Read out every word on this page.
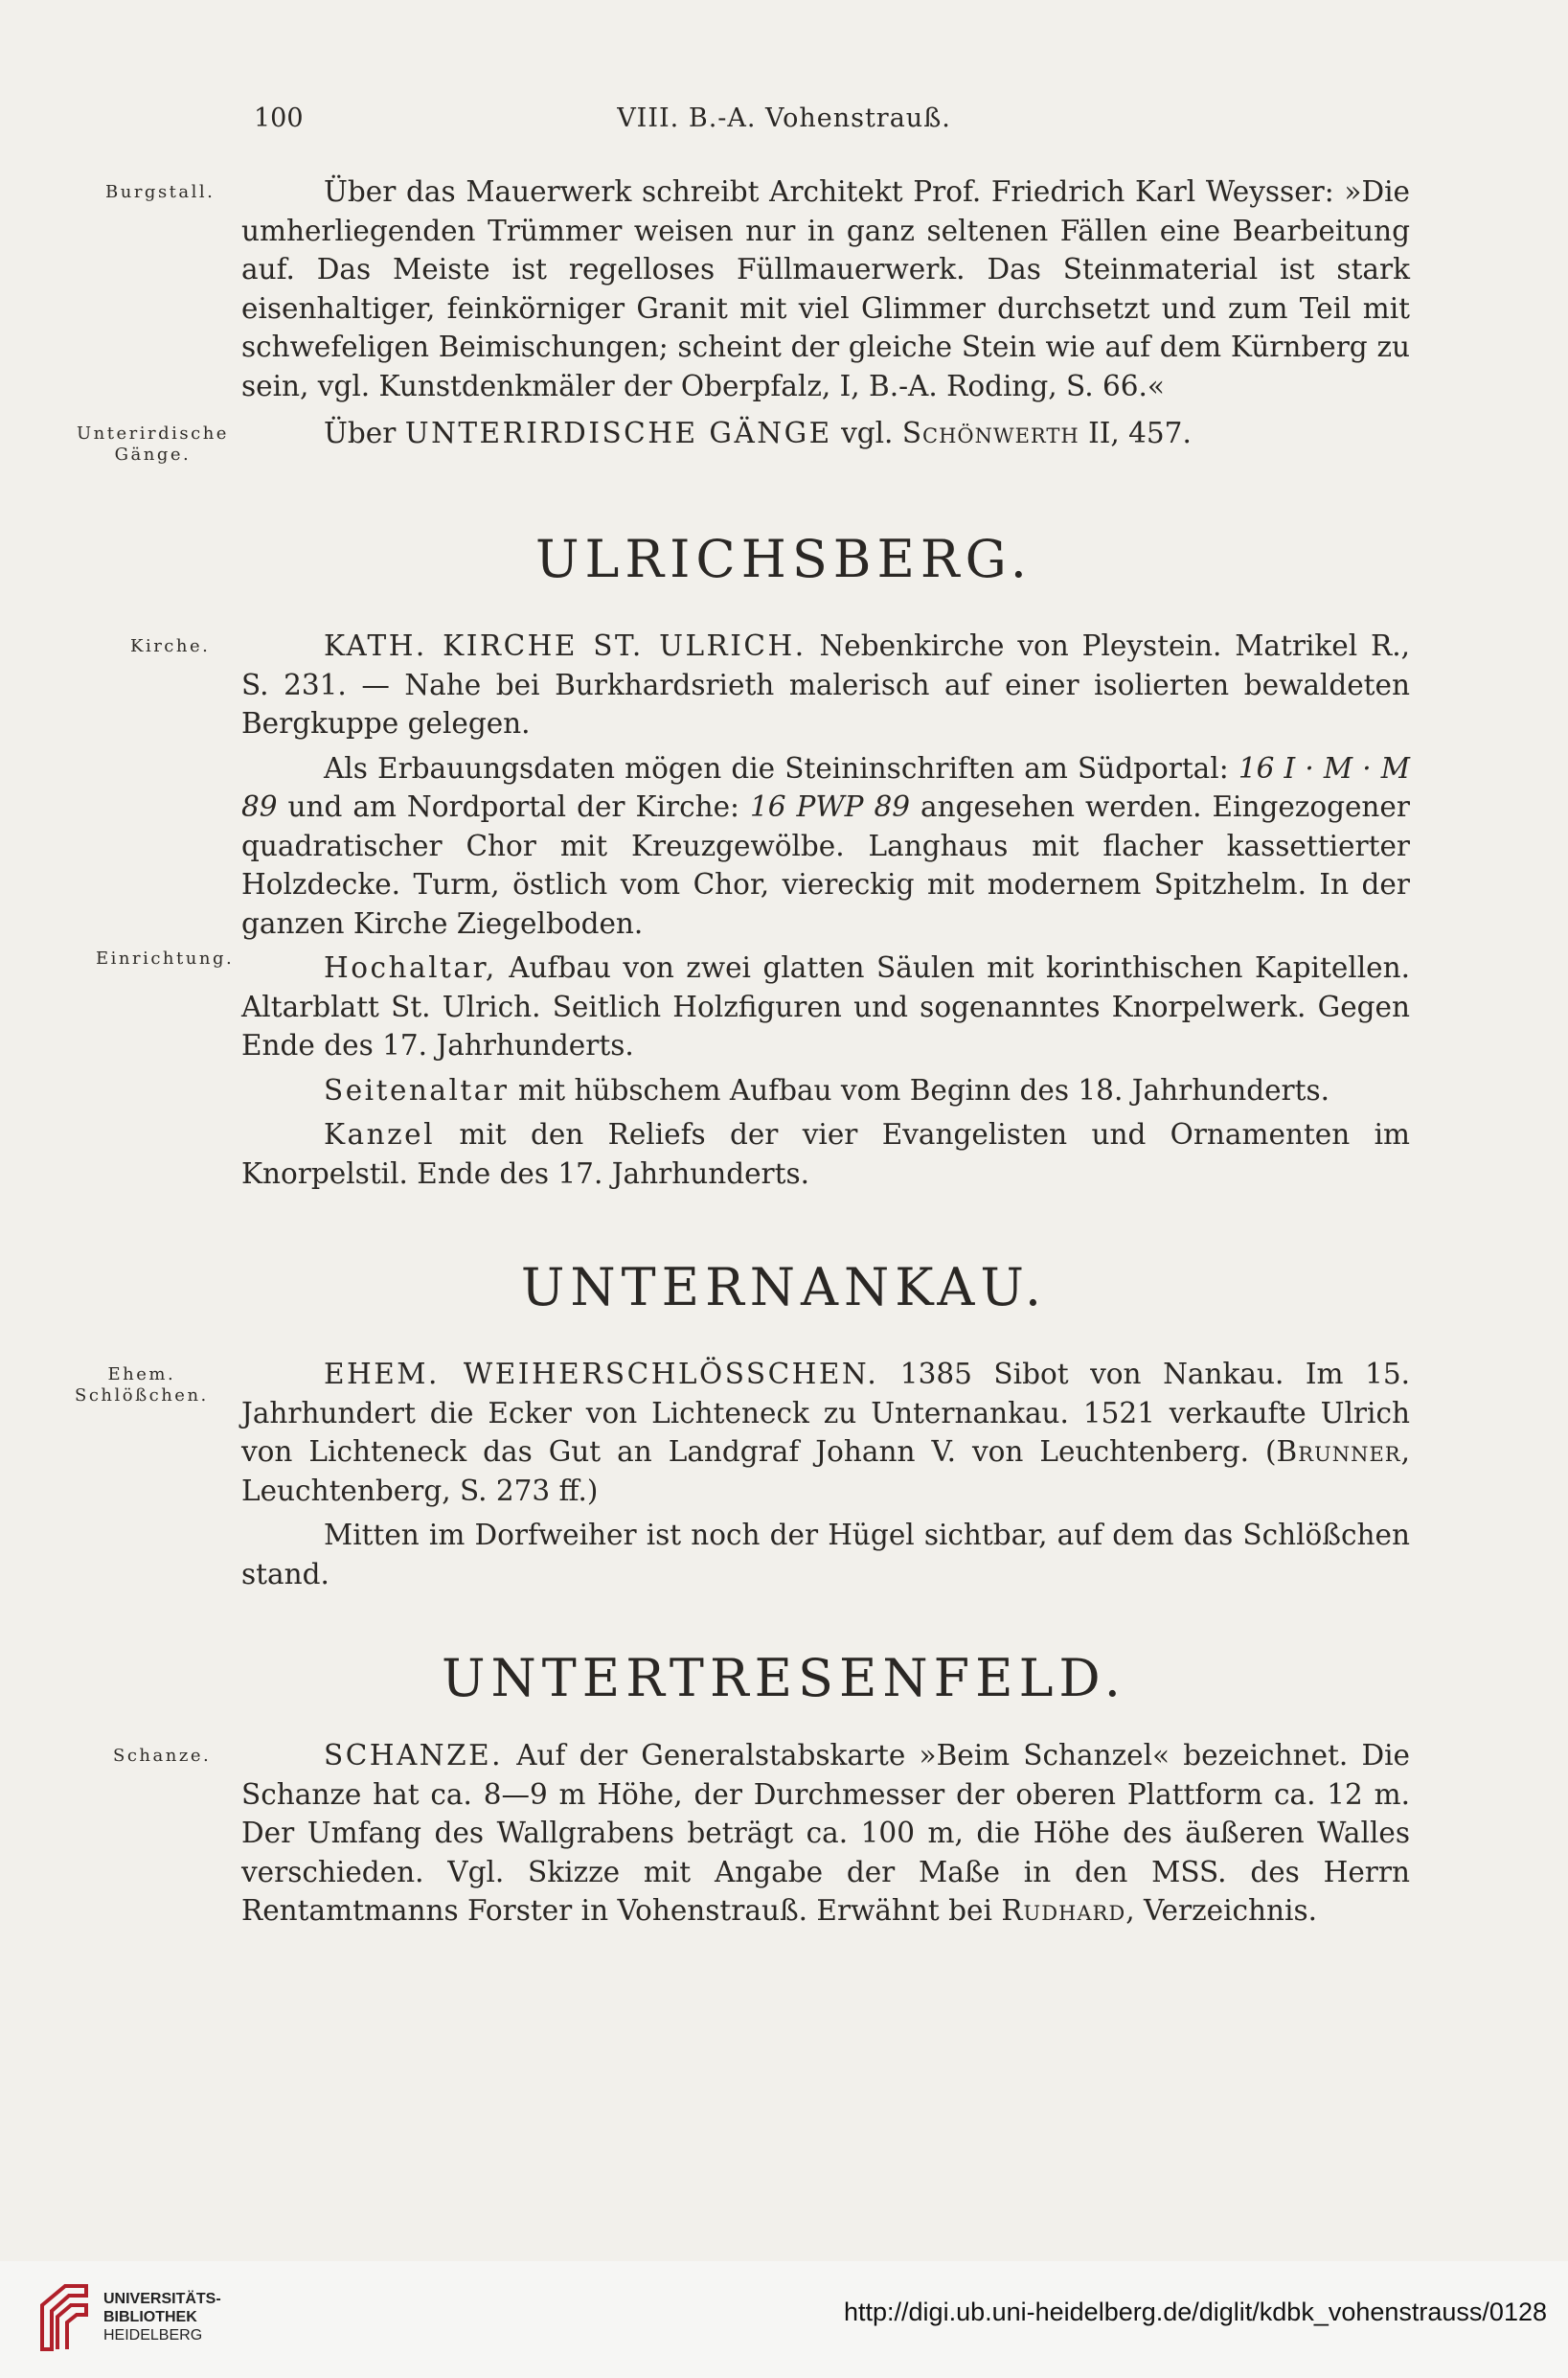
100	VIII. B.-A. Vohenstrauß.
Burgstall.	Über das Mauerwerk schreibt Architekt Prof. Friedrich Karl Weysser: »Die umherliegenden Trümmer weisen nur in ganz seltenen Fällen eine Bearbeitung auf. Das Meiste ist regelloses Füllmauerwerk. Das Steinmaterial ist stark eisenhaltiger, feinkörniger Granit mit viel Glimmer durchsetzt und zum Teil mit schwefeligen Beimischungen; scheint der gleiche Stein wie auf dem Kürnberg zu sein, vgl. Kunstdenkmäler der Oberpfalz, I, B.-A. Roding, S. 66.«

Unterirdische
Gänge.

Über UNTERIRDISCHE GÄNGE vgl. Schönwerth II, 457.

ULRICHSBERG.
Kirche.	KATH. KIRCHE ST. ULRICH. Nebenkirche von Pleystein. Matrikel R., S. 231. — Nahe bei Burkhardsrieth malerisch auf einer isolierten bewaldeten Bergkuppe gelegen.

Als Erbauungsdaten mögen die Steininschriften am Südportal: 16 I · M · M 89 und am Nordportal der Kirche: 16 PWP 89 angesehen werden. Eingezogener quadratischer Chor mit Kreuzgewölbe. Langhaus mit flacher kassettierter Holzdecke. Turm, östlich vom Chor, viereckig mit modernem Spitzhelm. In der ganzen Kirche Ziegelboden.

Hochaltar, Aufbau von zwei glatten Säulen mit korinthischen Kapitellen. Altarblatt St. Ulrich. Seitlich Holzfiguren und sogenanntes Knorpelwerk. Gegen Ende des 17. Jahrhunderts.

Seitenaltar mit hübschem Aufbau vom Beginn des 18. Jahrhunderts.

Kanzel mit den Reliefs der vier Evangelisten und Ornamenten im Knorpelstil. Ende des 17. Jahrhunderts.

Einrichtung.
UNTERNANKAU.
Ehem.
Schlößchen.

EHEM. WEIHERSCHLÖSSCHEN. 1385 Sibot von Nankau. Im 15. Jahrhundert die Ecker von Lichteneck zu Unternankau. 1521 verkaufte Ulrich von Lichteneck das Gut an Landgraf Johann V. von Leuchtenberg. (Brunner, Leuchtenberg, S. 273 ff.)

Mitten im Dorfweiher ist noch der Hügel sichtbar, auf dem das Schlößchen stand.

UNTERTRESENFELD.
Schanze.	SCHANZE. Auf der Generalstabskarte »Beim Schanzel« bezeichnet. Die Schanze hat ca. 8—9 m Höhe, der Durchmesser der oberen Plattform ca. 12 m. Der Umfang des Wallgrabens beträgt ca. 100 m, die Höhe des äußeren Walles verschieden. Vgl. Skizze mit Angabe der Maße in den MSS. des Herrn Rentamtmanns Forster in Vohenstrauß. Erwähnt bei Rudhard, Verzeichnis.

UNIVERSITÄTS-
BIBLIOTHEK
HEIDELBERG
http://digi.ub.uni-heidelberg.de/diglit/kdbk_vohenstrauss/0128
